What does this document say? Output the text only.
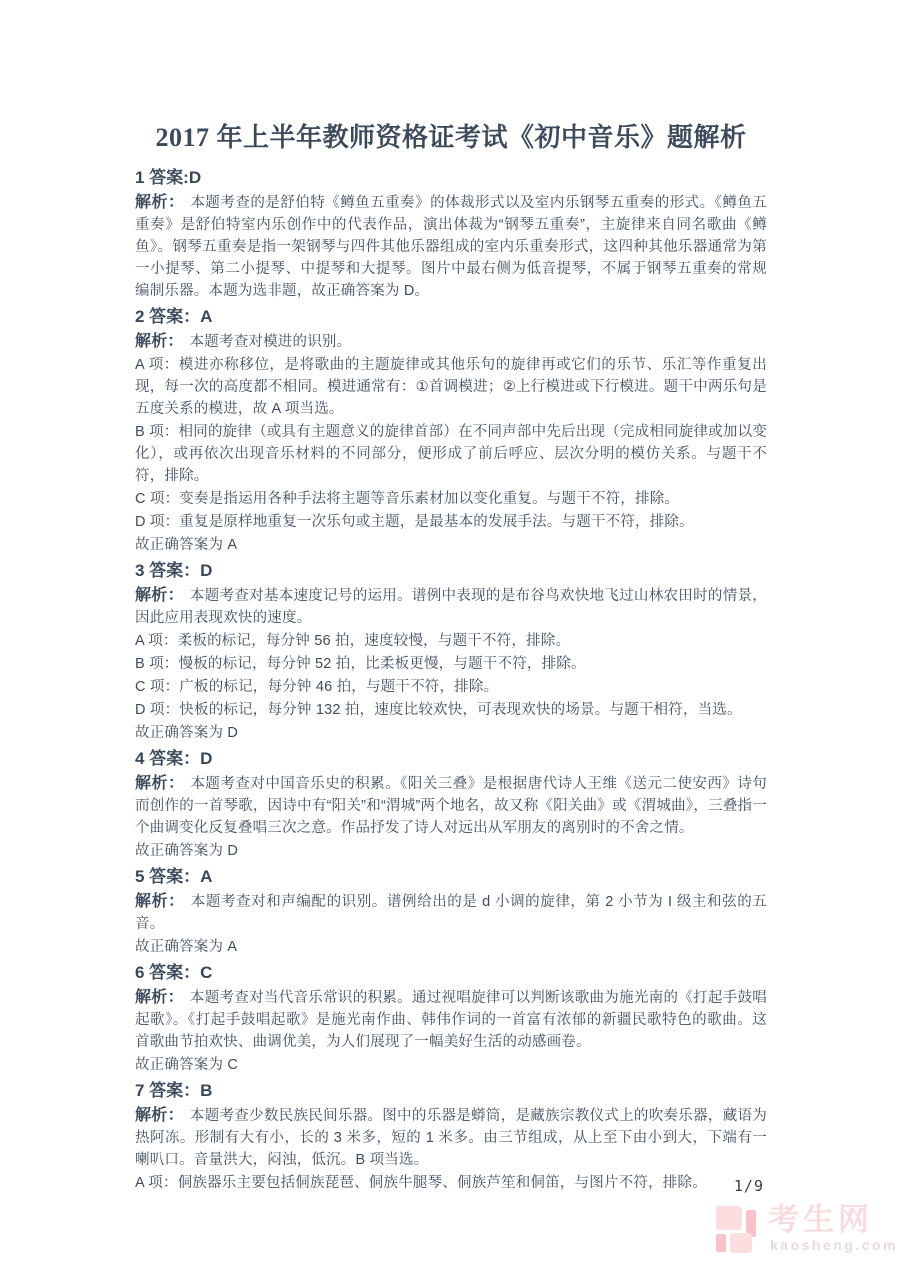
2017 年上半年教师资格证考试《初中音乐》题解析
1 答案:D

解析： 本题考查的是舒伯特《鳟鱼五重奏》的体裁形式以及室内乐钢琴五重奏的形式。《鳟鱼五重奏》是舒伯特室内乐创作中的代表作品，演出体裁为“钢琴五重奏”，主旋律来自同名歌曲《鳟鱼》。钢琴五重奏是指一架钢琴与四件其他乐器组成的室内乐重奏形式，这四种其他乐器通常为第一小提琴、第二小提琴、中提琴和大提琴。图片中最右侧为低音提琴，不属于钢琴五重奏的常规编制乐器。本题为选非题，故正确答案为 D。

2 答案：A

解析： 本题考查对模进的识别。

A 项：模进亦称移位，是将歌曲的主题旋律或其他乐句的旋律再或它们的乐节、乐汇等作重复出现，每一次的高度都不相同。模进通常有：①首调模进；②上行模进或下行模进。题干中两乐句是五度关系的模进，故 A 项当选。

B 项：相同的旋律（或具有主题意义的旋律首部）在不同声部中先后出现（完成相同旋律或加以变化），或再依次出现音乐材料的不同部分，便形成了前后呼应、层次分明的模仿关系。与题干不符，排除。

C 项：变奏是指运用各种手法将主题等音乐素材加以变化重复。与题干不符，排除。

D 项：重复是原样地重复一次乐句或主题，是最基本的发展手法。与题干不符，排除。

故正确答案为 A

3 答案：D

解析： 本题考查对基本速度记号的运用。谱例中表现的是布谷鸟欢快地飞过山林农田时的情景，因此应用表现欢快的速度。

A 项：柔板的标记，每分钟 56 拍，速度较慢，与题干不符，排除。

B 项：慢板的标记，每分钟 52 拍，比柔板更慢，与题干不符，排除。

C 项：广板的标记，每分钟 46 拍，与题干不符，排除。

D 项：快板的标记，每分钟 132 拍，速度比较欢快，可表现欢快的场景。与题干相符，当选。

故正确答案为 D

4 答案：D

解析： 本题考查对中国音乐史的积累。《阳关三叠》是根据唐代诗人王维《送元二使安西》诗句而创作的一首琴歌，因诗中有“阳关”和“渭城”两个地名，故又称《阳关曲》或《渭城曲》，三叠指一个曲调变化反复叠唱三次之意。作品抒发了诗人对远出从军朋友的离别时的不舍之情。

故正确答案为 D

5 答案：A

解析： 本题考查对和声编配的识别。谱例给出的是 d 小调的旋律，第 2 小节为 I 级主和弦的五音。

故正确答案为 A

6 答案：C

解析： 本题考查对当代音乐常识的积累。通过视唱旋律可以判断该歌曲为施光南的《打起手鼓唱起歌》。《打起手鼓唱起歌》是施光南作曲、韩伟作词的一首富有浓郁的新疆民歌特色的歌曲。这首歌曲节拍欢快、曲调优美，为人们展现了一幅美好生活的动感画卷。

故正确答案为 C

7 答案：B

解析： 本题考查少数民族民间乐器。图中的乐器是蟒筒，是藏族宗教仪式上的吹奏乐器，藏语为热阿冻。形制有大有小，长的 3 米多，短的 1 米多。由三节组成，从上至下由小到大，下端有一喇叭口。音量洪大，闷浊，低沉。B 项当选。

A 项：侗族器乐主要包括侗族琵琶、侗族牛腿琴、侗族芦笙和侗笛，与图片不符，排除。	1/9
考生网
kaosheng.com
